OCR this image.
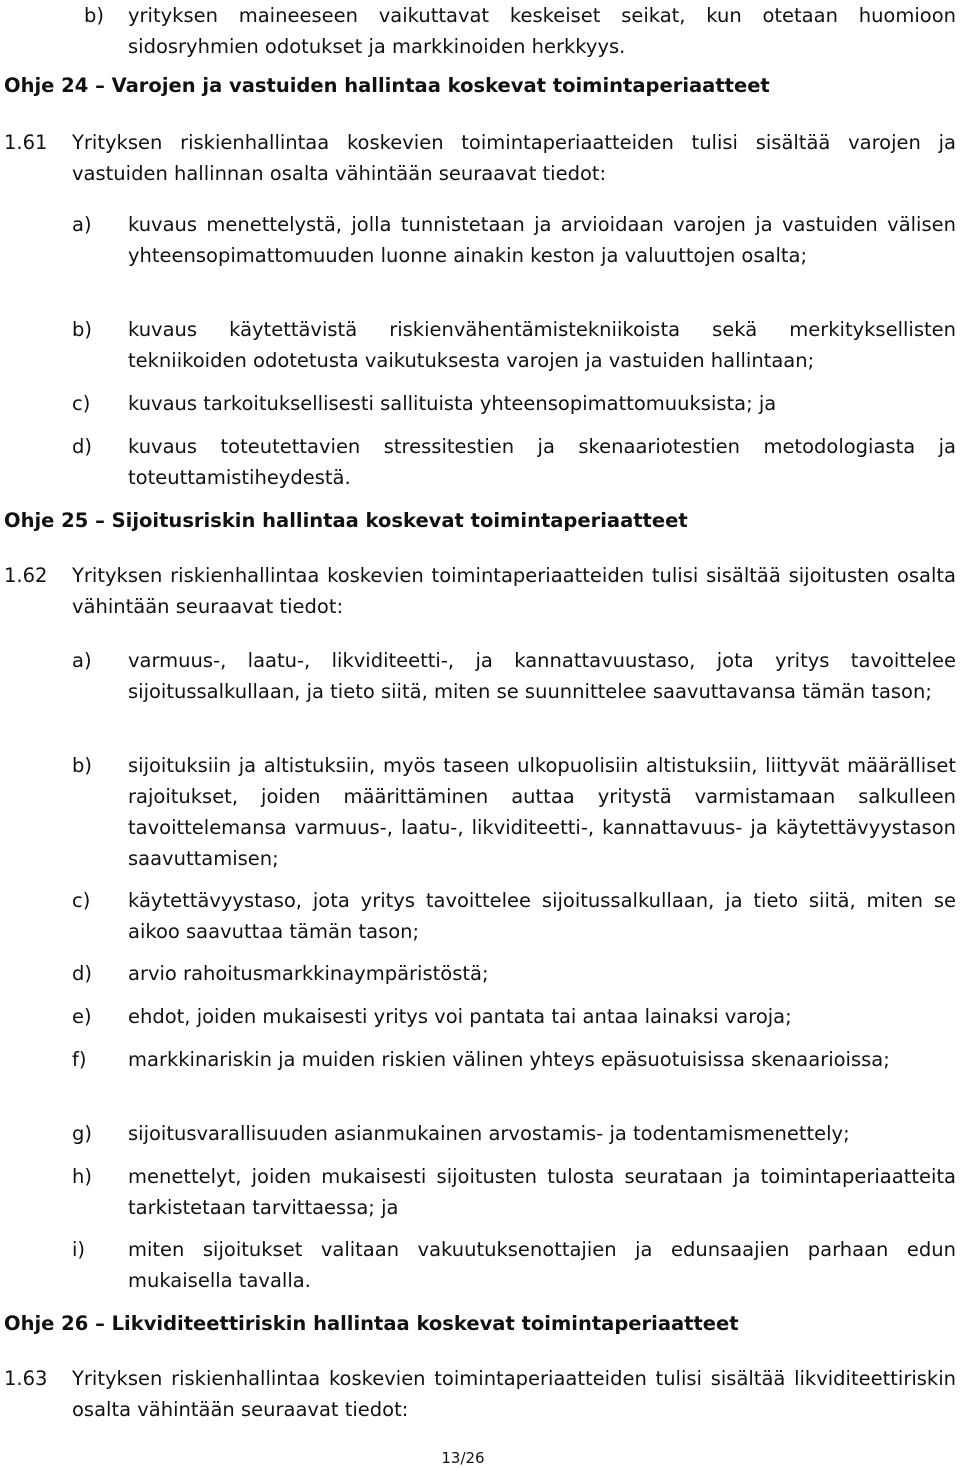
b) yrityksen maineeseen vaikuttavat keskeiset seikat, kun otetaan huomioon sidosryhmien odotukset ja markkinoiden herkkyys.
Ohje 24 – Varojen ja vastuiden hallintaa koskevat toimintaperiaatteet
1.61 Yrityksen riskienhallintaa koskevien toimintaperiaatteiden tulisi sisältää varojen ja vastuiden hallinnan osalta vähintään seuraavat tiedot:
a) kuvaus menettelystä, jolla tunnistetaan ja arvioidaan varojen ja vastuiden välisen yhteensopimattomuuden luonne ainakin keston ja valuuttojen osalta;
b) kuvaus käytettävistä riskienvähentämistekniikoista sekä merkityksellisten tekniikoiden odotetusta vaikutuksesta varojen ja vastuiden hallintaan;
c) kuvaus tarkoituksellisesti sallituista yhteensopimattomuuksista; ja
d) kuvaus toteutettavien stressitestien ja skenaariotestien metodologiasta ja toteuttamistiheydestä.
Ohje 25 – Sijoitusriskin hallintaa koskevat toimintaperiaatteet
1.62 Yrityksen riskienhallintaa koskevien toimintaperiaatteiden tulisi sisältää sijoitusten osalta vähintään seuraavat tiedot:
a) varmuus-, laatu-, likviditeetti-, ja kannattavuustaso, jota yritys tavoittelee sijoitussalkullaan, ja tieto siitä, miten se suunnittelee saavuttavansa tämän tason;
b) sijoituksiin ja altistuksiin, myös taseen ulkopuolisiin altistuksiin, liittyvät määrälliset rajoitukset, joiden määrittäminen auttaa yritystä varmistamaan salkulleen tavoittelemansa varmuus-, laatu-, likviditeetti-, kannattavuus- ja käytettävyystason saavuttamisen;
c) käytettävyystaso, jota yritys tavoittelee sijoitussalkullaan, ja tieto siitä, miten se aikoo saavuttaa tämän tason;
d) arvio rahoitusmarkkinaympäristöstä;
e) ehdot, joiden mukaisesti yritys voi pantata tai antaa lainaksi varoja;
f) markkinariskin ja muiden riskien välinen yhteys epäsuotuisissa skenaarioissa;
g) sijoitusvarallisuuden asianmukainen arvostamis- ja todentamismenettely;
h) menettelyt, joiden mukaisesti sijoitusten tulosta seurataan ja toimintaperiaatteita tarkistetaan tarvittaessa; ja
i) miten sijoitukset valitaan vakuutuksenottajien ja edunsaajien parhaan edun mukaisella tavalla.
Ohje 26 – Likviditeettiriskin hallintaa koskevat toimintaperiaatteet
1.63 Yrityksen riskienhallintaa koskevien toimintaperiaatteiden tulisi sisältää likviditeettiriskin osalta vähintään seuraavat tiedot:
13/26
